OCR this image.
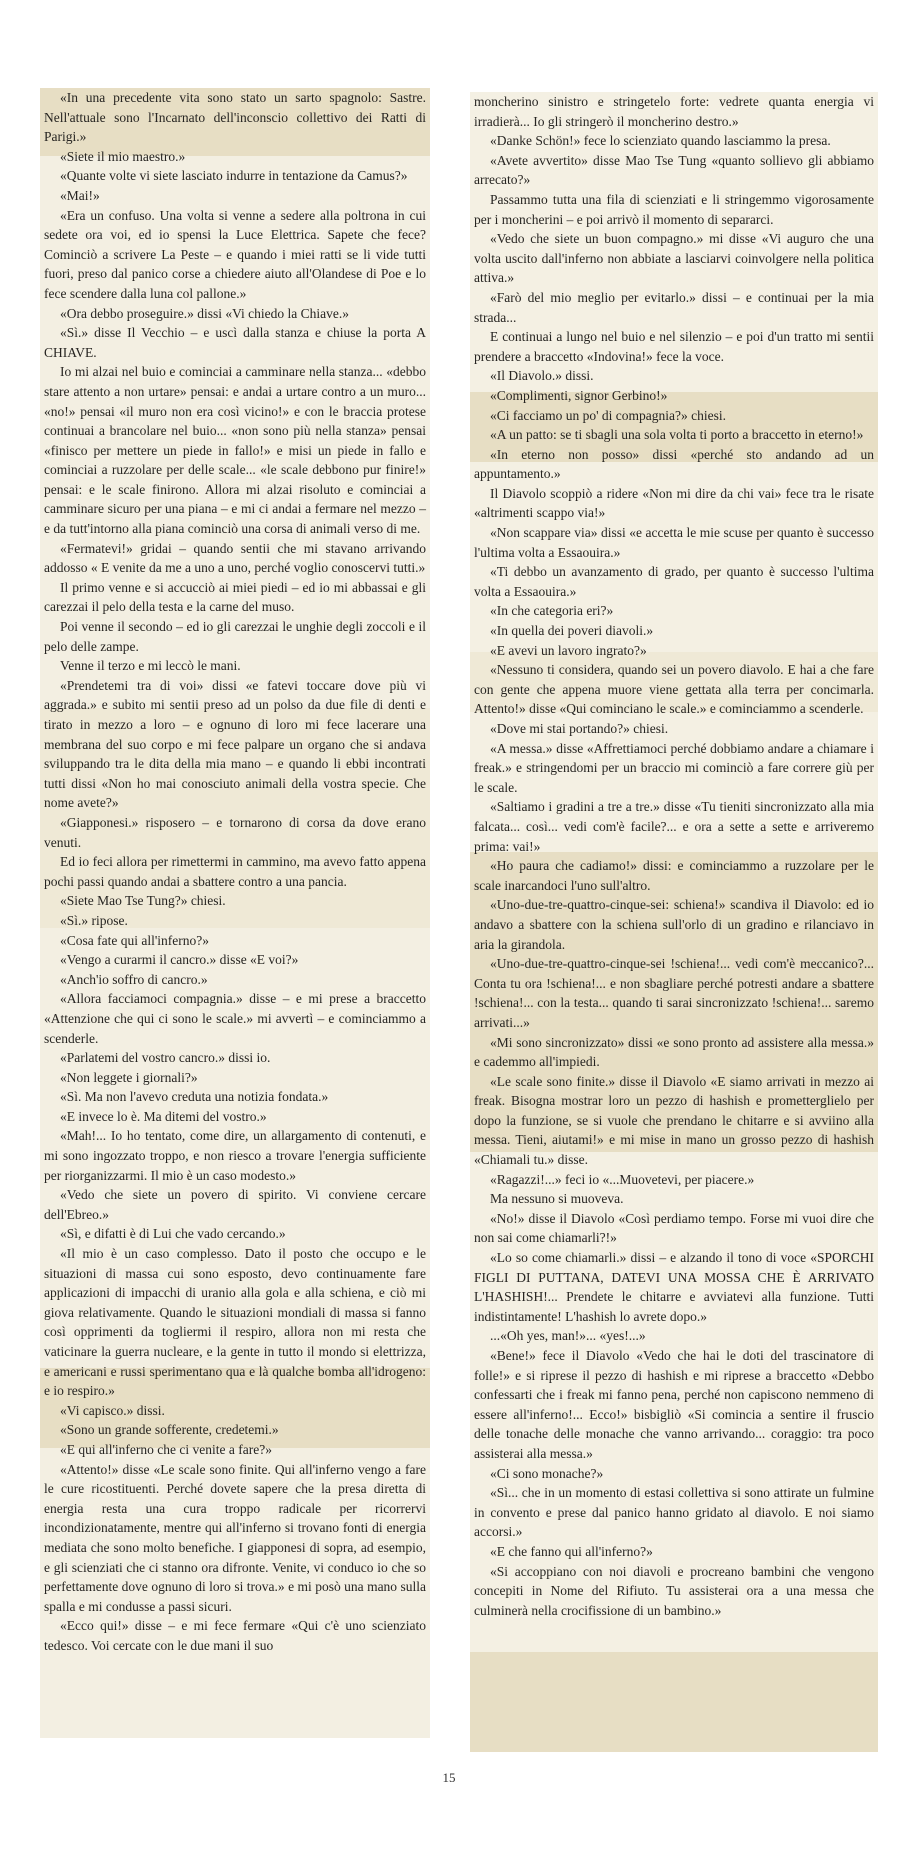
«In una precedente vita sono stato un sarto spagnolo: Sastre. Nell'attuale sono l'Incarnato dell'inconscio collettivo dei Ratti di Parigi.»

«Siete il mio maestro.»

«Quante volte vi siete lasciato indurre in tentazione da Camus?»

«Mai!»

«Era un confuso. Una volta si venne a sedere alla poltrona in cui sedete ora voi, ed io spensi la Luce Elettrica. Sapete che fece? Cominciò a scrivere La Peste – e quando i miei ratti se li vide tutti fuori, preso dal panico corse a chiedere aiuto all'Olandese di Poe e lo fece scendere dalla luna col pallone.»

«Ora debbo proseguire.» dissi «Vi chiedo la Chiave.»

«Sì.» disse Il Vecchio – e uscì dalla stanza e chiuse la porta A CHIAVE.

Io mi alzai nel buio e cominciai a camminare nella stanza... «debbo stare attento a non urtare» pensai: e andai a urtare contro a un muro... «no!» pensai «il muro non era così vicino!» e con le braccia protese continuai a brancolare nel buio... «non sono più nella stanza» pensai «finisco per mettere un piede in fallo!» e misi un piede in fallo e cominciai a ruzzolare per delle scale... «le scale debbono pur finire!» pensai: e le scale finirono. Allora mi alzai risoluto e cominciai a camminare sicuro per una piana – e mi ci andai a fermare nel mezzo – e da tutt'intorno alla piana cominciò una corsa di animali verso di me.

«Fermatevi!» gridai – quando sentii che mi stavano arrivando addosso « E venite da me a uno a uno, perché voglio conoscervi tutti.»

Il primo venne e si accucciò ai miei piedi – ed io mi abbassai e gli carezzai il pelo della testa e la carne del muso.

Poi venne il secondo – ed io gli carezzai le unghie degli zoccoli e il pelo delle zampe.

Venne il terzo e mi leccò le mani.

«Prendetemi tra di voi» dissi «e fatevi toccare dove più vi aggrada.» e subito mi sentii preso ad un polso da due file di denti e tirato in mezzo a loro – e ognuno di loro mi fece lacerare una membrana del suo corpo e mi fece palpare un organo che si andava sviluppando tra le dita della mia mano – e quando li ebbi incontrati tutti dissi «Non ho mai conosciuto animali della vostra specie. Che nome avete?»

«Giapponesi.» risposero – e tornarono di corsa da dove erano venuti.

Ed io feci allora per rimettermi in cammino, ma avevo fatto appena pochi passi quando andai a sbattere contro a una pancia.

«Siete Mao Tse Tung?» chiesi.

«Sì.» ripose.

«Cosa fate qui all'inferno?»

«Vengo a curarmi il cancro.» disse «E voi?»

«Anch'io soffro di cancro.»

«Allora facciamoci compagnia.» disse – e mi prese a braccetto «Attenzione che qui ci sono le scale.» mi avvertì – e cominciammo a scenderle.

«Parlatemi del vostro cancro.» dissi io.

«Non leggete i giornali?»

«Sì. Ma non l'avevo creduta una notizia fondata.»

«E invece lo è. Ma ditemi del vostro.»

«Mah!... Io ho tentato, come dire, un allargamento di contenuti, e mi sono ingozzato troppo, e non riesco a trovare l'energia sufficiente per riorganizzarmi. Il mio è un caso modesto.»

«Vedo che siete un povero di spirito. Vi conviene cercare dell'Ebreo.»

«Sì, e difatti è di Lui che vado cercando.»

«Il mio è un caso complesso. Dato il posto che occupo e le situazioni di massa cui sono esposto, devo continuamente fare applicazioni di impacchi di uranio alla gola e alla schiena, e ciò mi giova relativamente. Quando le situazioni mondiali di massa si fanno così opprimenti da togliermi il respiro, allora non mi resta che vaticinare la guerra nucleare, e la gente in tutto il mondo si elettrizza, e americani e russi sperimentano qua e là qualche bomba all'idrogeno: e io respiro.»

«Vi capisco.» dissi.

«Sono un grande sofferente, credetemi.»

«E qui all'inferno che ci venite a fare?»

«Attento!» disse «Le scale sono finite. Qui all'inferno vengo a fare le cure ricostituenti. Perché dovete sapere che la presa diretta di energia resta una cura troppo radicale per ricorrervi incondizionatamente, mentre qui all'inferno si trovano fonti di energia mediata che sono molto benefiche. I giapponesi di sopra, ad esempio, e gli scienziati che ci stanno ora difronte. Venite, vi conduco io che so perfettamente dove ognuno di loro si trova.» e mi posò una mano sulla spalla e mi condusse a passi sicuri.

«Ecco qui!» disse – e mi fece fermare «Qui c'è uno scienziato tedesco. Voi cercate con le due mani il suo

moncherino sinistro e stringetelo forte: vedrete quanta energia vi irradierà... Io gli stringerò il moncherino destro.»

«Danke Schön!» fece lo scienziato quando lasciammo la presa.

«Avete avvertito» disse Mao Tse Tung «quanto sollievo gli abbiamo arrecato?»

Passammo tutta una fila di scienziati e li stringemmo vigorosamente per i moncherini – e poi arrivò il momento di separarci.

«Vedo che siete un buon compagno.» mi disse «Vi auguro che una volta uscito dall'inferno non abbiate a lasciarvi coinvolgere nella politica attiva.»

«Farò del mio meglio per evitarlo.» dissi – e continuai per la mia strada...

E continuai a lungo nel buio e nel silenzio – e poi d'un tratto mi sentii prendere a braccetto «Indovina!» fece la voce.

«Il Diavolo.» dissi.

«Complimenti, signor Gerbino!»

«Ci facciamo un po' di compagnia?» chiesi.

«A un patto: se ti sbagli una sola volta ti porto a braccetto in eterno!»

«In eterno non posso» dissi «perché sto andando ad un appuntamento.»

Il Diavolo scoppiò a ridere «Non mi dire da chi vai» fece tra le risate «altrimenti scappo via!»

«Non scappare via» dissi «e accetta le mie scuse per quanto è successo l'ultima volta a Essaouira.»

«Ti debbo un avanzamento di grado, per quanto è successo l'ultima volta a Essaouira.»

«In che categoria eri?»

«In quella dei poveri diavoli.»

«E avevi un lavoro ingrato?»

«Nessuno ti considera, quando sei un povero diavolo. E hai a che fare con gente che appena muore viene gettata alla terra per concimarla. Attento!» disse «Qui cominciano le scale.» e cominciammo a scenderle.

«Dove mi stai portando?» chiesi.

«A messa.» disse «Affrettiamoci perché dobbiamo andare a chiamare i freak.» e stringendomi per un braccio mi cominciò a fare correre giù per le scale.

«Saltiamo i gradini a tre a tre.» disse «Tu tieniti sincronizzato alla mia falcata... così... vedi com'è facile?... e ora a sette a sette e arriveremo prima: vai!»

«Ho paura che cadiamo!» dissi: e cominciammo a ruzzolare per le scale inarcandoci l'uno sull'altro.

«Uno-due-tre-quattro-cinque-sei: schiena!» scandiva il Diavolo: ed io andavo a sbattere con la schiena sull'orlo di un gradino e rilanciavo in aria la girandola.

«Uno-due-tre-quattro-cinque-sei !schiena!... vedi com'è meccanico?... Conta tu ora !schiena!... e non sbagliare perché potresti andare a sbattere !schiena!... con la testa... quando ti sarai sincronizzato !schiena!... saremo arrivati...»

«Mi sono sincronizzato» dissi «e sono pronto ad assistere alla messa.» e cademmo all'impiedi.

«Le scale sono finite.» disse il Diavolo «E siamo arrivati in mezzo ai freak. Bisogna mostrar loro un pezzo di hashish e prometterglielo per dopo la funzione, se si vuole che prendano le chitarre e si avviino alla messa. Tieni, aiutami!» e mi mise in mano un grosso pezzo di hashish «Chiamali tu.» disse.

«Ragazzi!...» feci io «...Muovetevi, per piacere.»

Ma nessuno si muoveva.

«No!» disse il Diavolo «Così perdiamo tempo. Forse mi vuoi dire che non sai come chiamarli?!»

«Lo so come chiamarli.» dissi – e alzando il tono di voce «SPORCHI FIGLI DI PUTTANA, DATEVI UNA MOSSA CHE È ARRIVATO L'HASHISH!... Prendete le chitarre e avviatevi alla funzione. Tutti indistintamente! L'hashish lo avrete dopo.»

...«Oh yes, man!»... «yes!...»

«Bene!» fece il Diavolo «Vedo che hai le doti del trascinatore di folle!» e si riprese il pezzo di hashish e mi riprese a braccetto «Debbo confessarti che i freak mi fanno pena, perché non capiscono nemmeno di essere all'inferno!... Ecco!» bisbigliò «Si comincia a sentire il fruscio delle tonache delle monache che vanno arrivando... coraggio: tra poco assisterai alla messa.»

«Ci sono monache?»

«Sì... che in un momento di estasi collettiva si sono attirate un fulmine in convento e prese dal panico hanno gridato al diavolo. E noi siamo accorsi.»

«E che fanno qui all'inferno?»

«Si accoppiano con noi diavoli e procreano bambini che vengono concepiti in Nome del Rifiuto. Tu assisterai ora a una messa che culminerà nella crocifissione di un bambino.»

15
